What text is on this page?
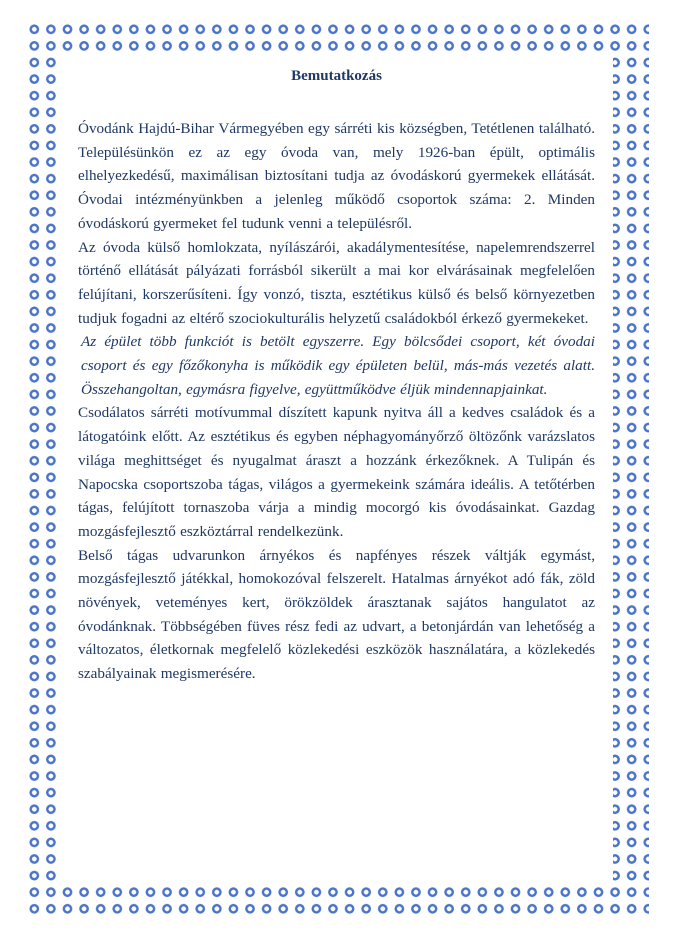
Bemutatkozás

Óvodánk Hajdú-Bihar Vármegyében egy sárréti kis községben, Tetétlenen található. Településünkön ez az egy óvoda van, mely 1926-ban épült, optimális elhelyezkedésű, maximálisan biztosítani tudja az óvodáskorú gyermekek ellátását. Óvodai intézményünkben a jelenleg működő csoportok száma: 2. Minden óvodáskorú gyermeket fel tudunk venni a településről.

Az óvoda külső homlokzata, nyílászárói, akadálymentesítése, napelemrendszerrel történő ellátását pályázati forrásból sikerült a mai kor elvárásainak megfelelően felújítani, korszerűsíteni. Így vonzó, tiszta, esztétikus külső és belső környezetben tudjuk fogadni az eltérő szociokulturális helyzetű családokból érkező gyermekeket.

Az épület több funkciót is betölt egyszerre. Egy bölcsődei csoport, két óvodai csoport és egy főzőkonyha is működik egy épületen belül, más-más vezetés alatt. Összehangoltan, egymásra figyelve, együttműködve éljük mindennapjainkat.

Csodálatos sárréti motívummal díszített kapunk nyitva áll a kedves családok és a látogatóink előtt. Az esztétikus és egyben néphagyományőrző öltözőnk varázslatos világa meghittséget és nyugalmat áraszt a hozzánk érkezőknek. A Tulipán és Napocska csoportszoba tágas, világos a gyermekeink számára ideális. A tetőtérben tágas, felújított tornaszoba várja a mindig mocorgó kis óvodásainkat. Gazdag mozgásfejlesztő eszköztárral rendelkezünk.

Belső tágas udvarunkon árnyékos és napfényes részek váltják egymást, mozgásfejlesztő játékkal, homokozóval felszerelt. Hatalmas árnyékot adó fák, zöld növények, veteményes kert, örökzöldek árasztanak sajátos hangulatot az óvodánknak. Többségében füves rész fedi az udvart, a betonjárdán van lehetőség a változatos, életkornak megfelelő közlekedési eszközök használatára, a közlekedés szabályainak megismerésére.
